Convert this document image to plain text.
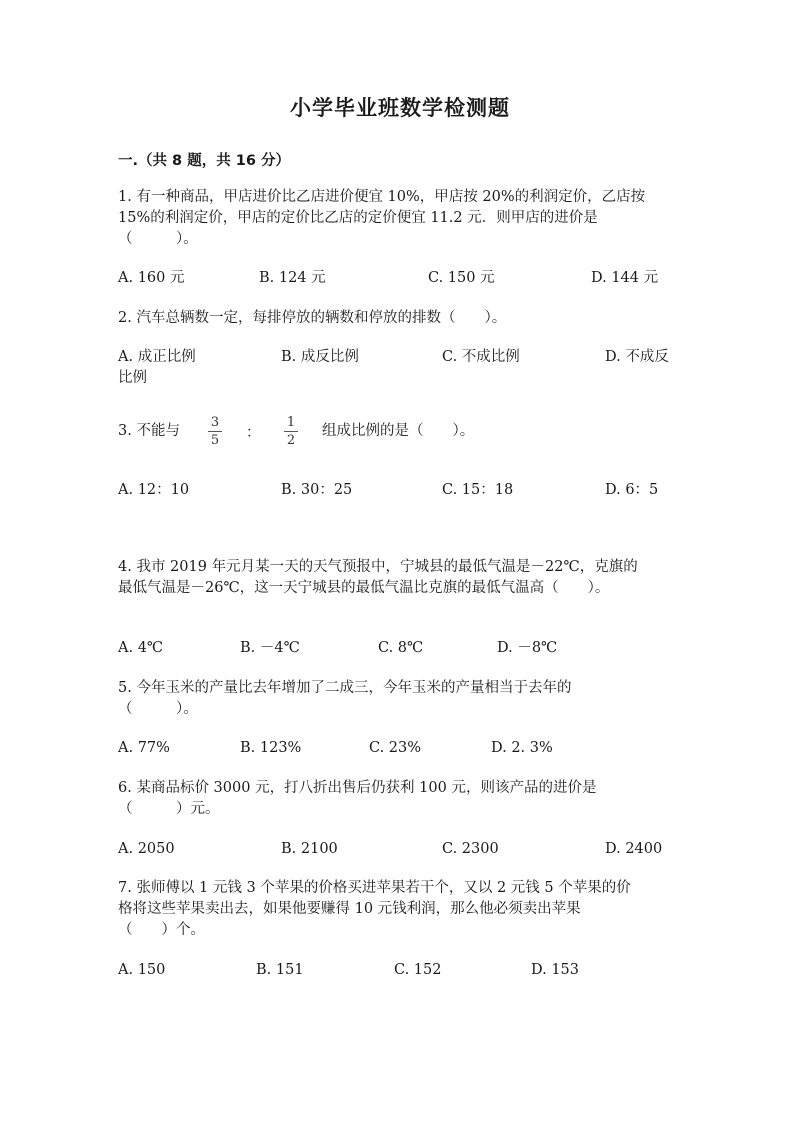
小学毕业班数学检测题
一.（共 8 题，共 16 分）
1. 有一种商品，甲店进价比乙店进价便宜 10%，甲店按 20%的利润定价，乙店按
15%的利润定价，甲店的定价比乙店的定价便宜 11.2 元．则甲店的进价是
（　　　）。
A. 160 元	B. 124 元	C. 150 元	D. 144 元
2. 汽车总辆数一定，每排停放的辆数和停放的排数（　　）。
A. 成正比例	B. 成反比例	C. 不成比例	D. 不成反
比例
3. 不能与
3
5 ：
1
2
组成比例的是（　　）。
A. 12：10	B. 30：25	C. 15：18	D. 6：5
4. 我市 2019 年元月某一天的天气预报中，宁城县的最低气温是－22℃，克旗的
最低气温是－26℃，这一天宁城县的最低气温比克旗的最低气温高（　　）。
A. 4℃	B. －4℃	C. 8℃	D. －8℃
5. 今年玉米的产量比去年增加了二成三，今年玉米的产量相当于去年的
（　　　）。
A. 77%	B. 123%	C. 23%	D. 2. 3%
6. 某商品标价 3000 元，打八折出售后仍获利 100 元，则该产品的进价是
（　　　）元。
A. 2050	B. 2100	C. 2300	D. 2400
7. 张师傅以 1 元钱 3 个苹果的价格买进苹果若干个，又以 2 元钱 5 个苹果的价
格将这些苹果卖出去，如果他要赚得 10 元钱利润，那么他必须卖出苹果
（　　）个。
A. 150	B. 151	C. 152	D. 153
